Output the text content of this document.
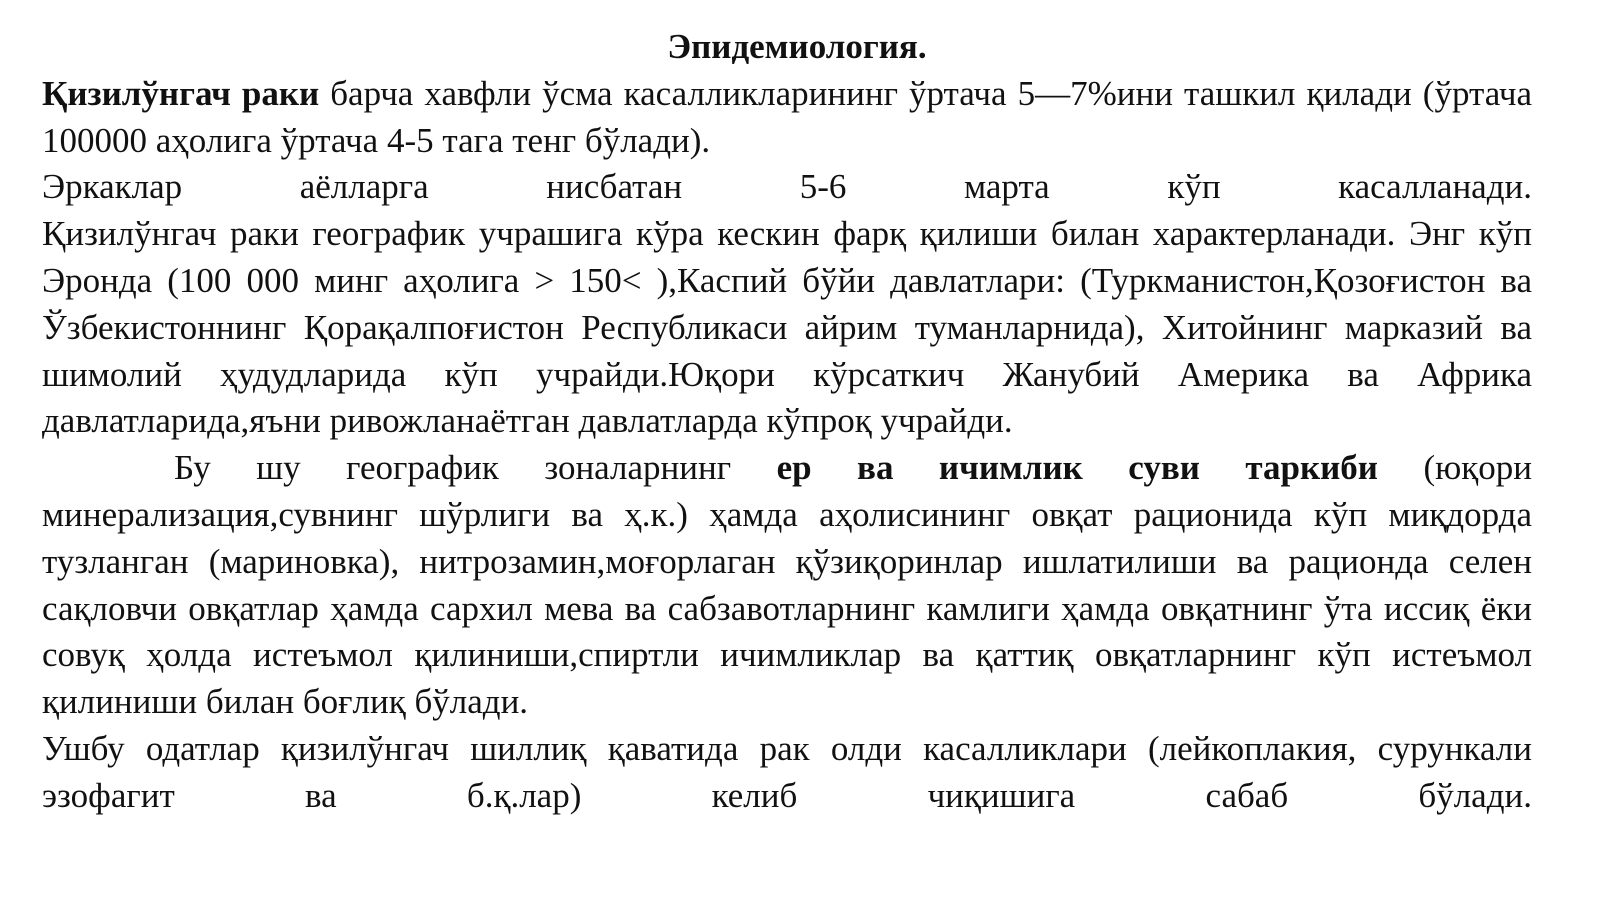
Эпидемиология.

Қизилўнгач раки барча хавфли ўсма касалликларининг ўртача 5—7%ини ташкил қилади (ўртача 100000 аҳолига ўртача 4-5 тага тенг бўлади).

Эркаклар аёлларга нисбатан 5-6 марта кўп касалланади.

Қизилўнгач раки географик учрашига кўра кескин фарқ қилиши билан характерланади. Энг кўп Эронда (100 000 минг аҳолига > 150< ),Каспий бўйи давлатлари: (Туркманистон,Қозоғистон ва Ўзбекистоннинг Қорақалпоғистон Республикаси айрим туманларнида), Хитойнинг марказий ва шимолий ҳудудларида кўп учрайди.Юқори кўрсаткич Жанубий Америка ва Африка давлатларида,яъни ривожланаётган давлатларда кўпроқ учрайди.

Бу шу географик зоналарнинг ер ва ичимлик суви таркиби (юқори минерализация,сувнинг шўрлиги ва ҳ.к.) ҳамда аҳолисининг овқат рационида кўп миқдорда тузланган (мариновка), нитрозамин,моғорлаган қўзиқоринлар ишлатилиши ва рационда селен сақловчи овқатлар ҳамда сархил мева ва сабзавотларнинг камлиги ҳамда овқатнинг ўта иссиқ ёки совуқ ҳолда истеъмол қилиниши,спиртли ичимликлар ва қаттиқ овқатларнинг кўп истеъмол қилиниши билан боғлиқ бўлади.

Ушбу одатлар қизилўнгач шиллиқ қаватида рак олди касалликлари (лейкоплакия, сурункали эзофагит ва б.қ.лар) келиб чиқишига сабаб бўлади.
